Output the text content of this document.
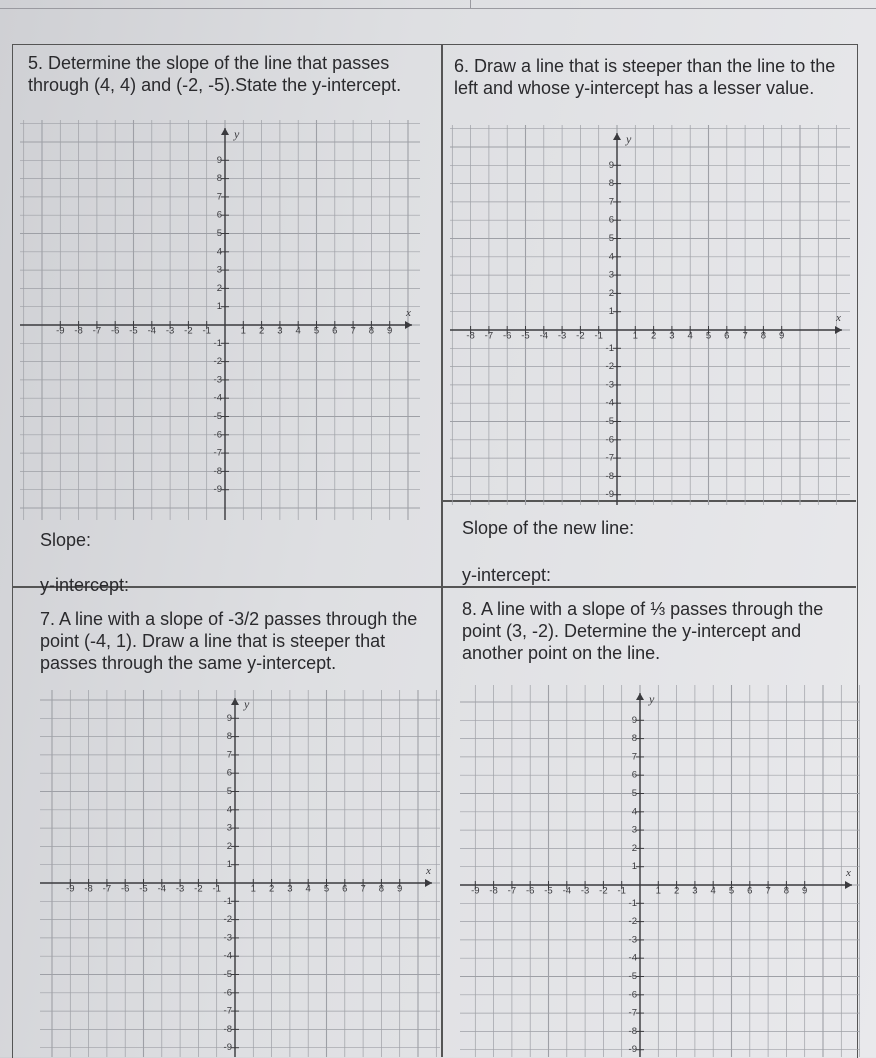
5. Determine the slope of the line that passes through (4, 4) and (-2, -5).State the y-intercept.

-9 -8 -7 -6 -5 -4 -3 -2 -1	1 2 3 4 5 6 7 8 9
9
8
7
6
5
4
3
2
1
-1
-2
-3
-4
-5
-6
-7
-8
-9
x
y
Slope:
y-intercept:

6. Draw a line that is steeper than the line to the left and whose y-intercept has a lesser value.

-8 -7 -6 -5 -4 -3 -2 -1	1 2 3 4 5 6 7 8 9
9
8
7
6
5
4
3
2
1
-1
-2
-3
-4
-5
-6
-7
-8
-9
x
y
Slope of the new line:
y-intercept:

7. A line with a slope of -3/2 passes through the point (-4, 1). Draw a line that is steeper that passes through the same y-intercept.

-9 -8 -7 -6 -5 -4 -3 -2 -1	1 2 3 4 5 6 7 8 9
9
8
7
6
5
4
3
2
1
-1
-2
-3
-4
-5
-6
-7
-8
-9
x
y

8. A line with a slope of ⅓ passes through the point (3, -2). Determine the y-intercept and another point on the line.

-9 -8 -7 -6 -5 -4 -3 -2 -1	1 2 3 4 5 6 7 8 9
9
8
7
6
5
4
3
2
1
-1
-2
-3
-4
-5
-6
-7
-8
-9
x
y
